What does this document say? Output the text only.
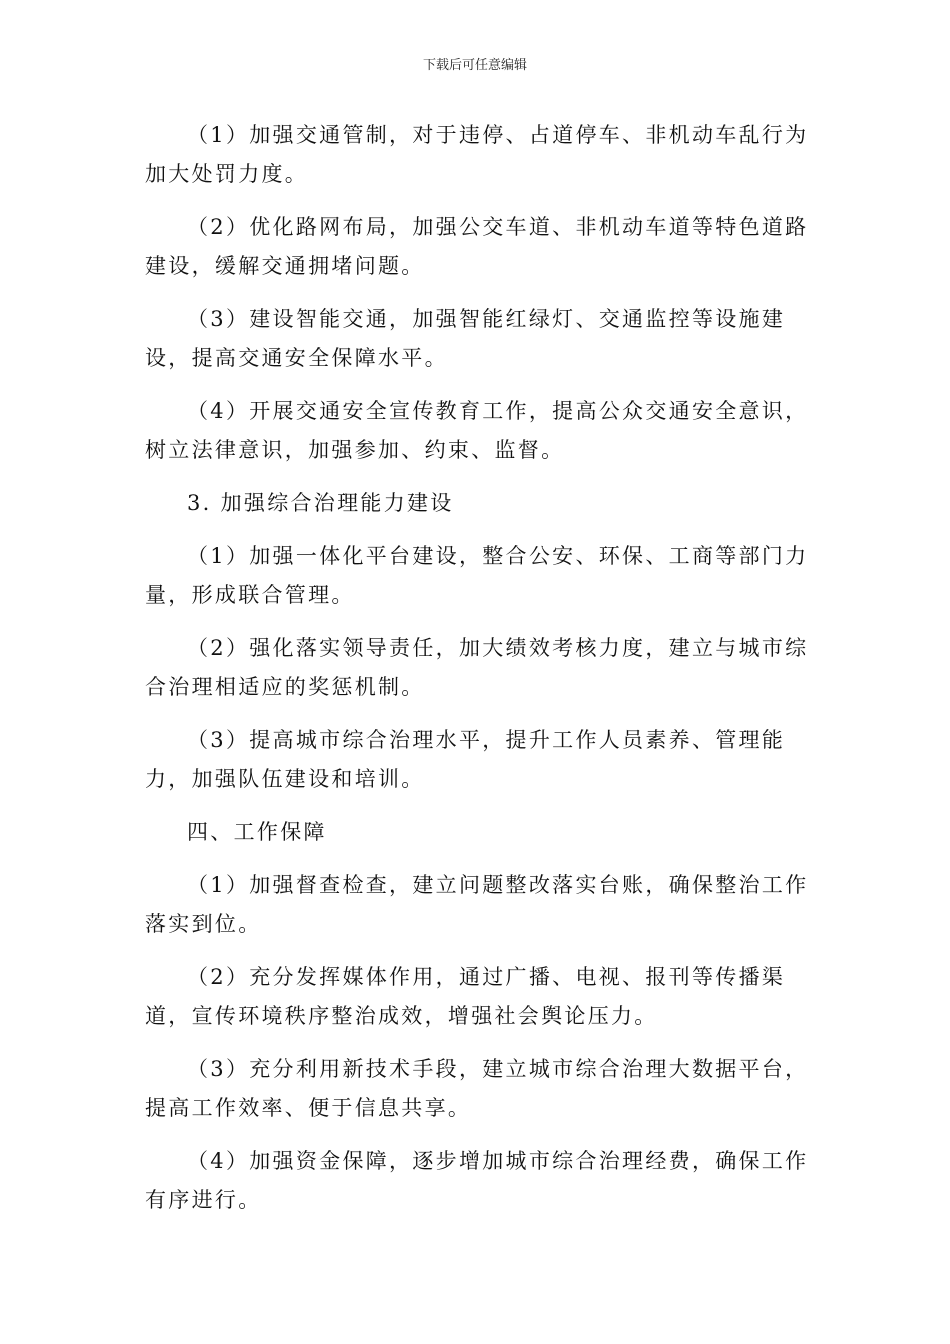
下载后可任意编辑

（1）加强交通管制，对于违停、占道停车、非机动车乱行为加大处罚力度。

（2）优化路网布局，加强公交车道、非机动车道等特色道路建设，缓解交通拥堵问题。

（3）建设智能交通，加强智能红绿灯、交通监控等设施建设，提高交通安全保障水平。

（4）开展交通安全宣传教育工作，提高公众交通安全意识，树立法律意识，加强参加、约束、监督。

3. 加强综合治理能力建设

（1）加强一体化平台建设，整合公安、环保、工商等部门力量，形成联合管理。

（2）强化落实领导责任，加大绩效考核力度，建立与城市综合治理相适应的奖惩机制。

（3）提高城市综合治理水平，提升工作人员素养、管理能力，加强队伍建设和培训。

四、工作保障

（1）加强督查检查，建立问题整改落实台账，确保整治工作落实到位。

（2）充分发挥媒体作用，通过广播、电视、报刊等传播渠道，宣传环境秩序整治成效，增强社会舆论压力。

（3）充分利用新技术手段，建立城市综合治理大数据平台，提高工作效率、便于信息共享。

（4）加强资金保障，逐步增加城市综合治理经费，确保工作有序进行。
